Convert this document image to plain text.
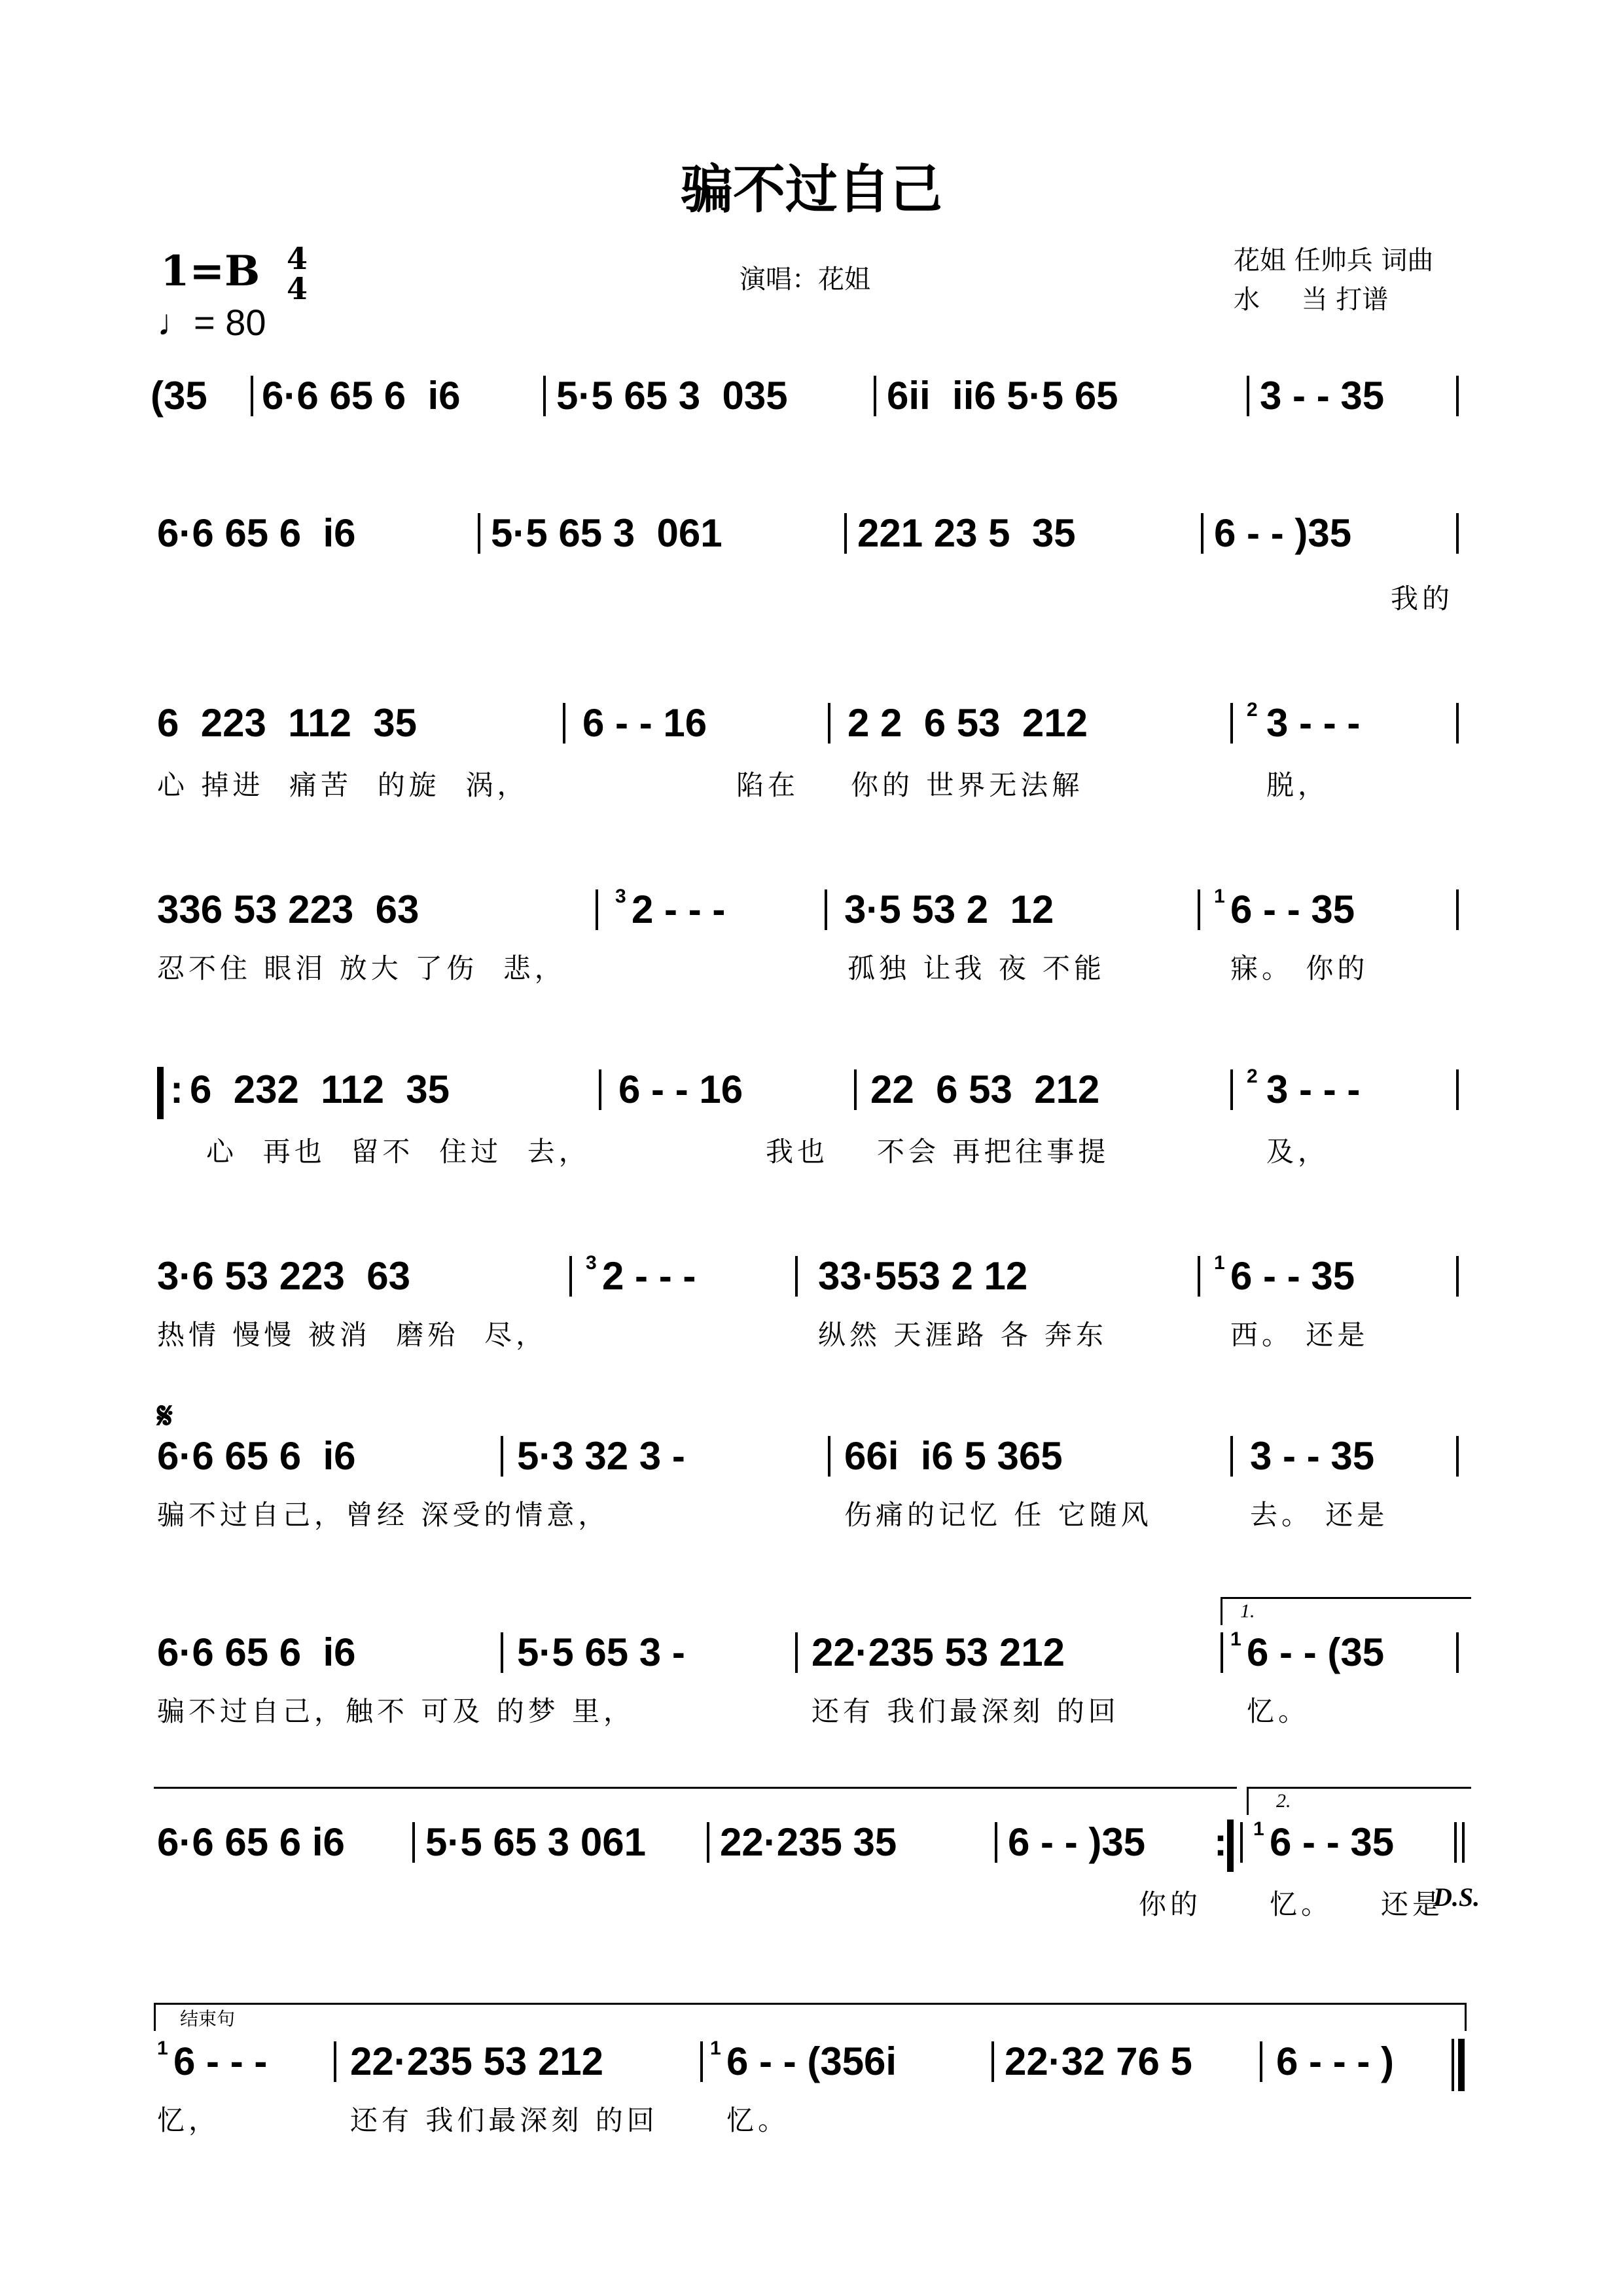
骗不过自己
1=B 4
4
♩= 80
演唱：花姐
花姐 任帅兵 词曲
水     当 打谱
(35 6·6 65 6  i6 5·5 65 3  035	6ii  ii6 5·5 65	3 - - 35
6·6 65 6  i6	5·5 65 3  061	221 23 5  35	6 - - )35
我的
6  223  112  35	6 - - 16	2 2  6 53  212	2 3 - - -
心 掉进  痛苦  的旋  涡，	陷在 你的 世界无法解	脱，
336 53 223  63	3 2 - - -	3·5 53 2  12	1 6 - - 35
忍不住 眼泪 放大 了伤  悲，	孤独 让我 夜 不能	寐。 你的
: 6  232  112  35	6 - - 16	22  6 53  212	2 3 - - -
心  再也  留不  住过  去，	我也 不会 再把往事提	及，
3·6 53 223  63	3 2 - - -	33·553 2 12	1 6 - - 35
热情 慢慢 被消  磨殆  尽，	纵然 天涯路 各 奔东	西。 还是
𝄋
6·6 65 6  i6	5·3 32 3 -	66i  i6 5 365	3 - - 35
骗不过自己，曾经 深受的情意，	伤痛的记忆 任 它随风	去。 还是
1.
6·6 65 6  i6	5·5 65 3 -	22·235 53 212	1 6 - - (35
骗不过自己，触不 可及 的梦 里，	还有 我们最深刻 的回	忆。
2.
6·6 65 6 i6 5·5 65 3 061 22·235 35	6 - - )35 : 1 6 - - 35
你的 忆。 还是
D.S.
结束句
1 6 - - - 22·235 53 212	1 6 - - (356i	22·32 76 5 6 - - - )
忆，	还有 我们最深刻 的回 忆。
